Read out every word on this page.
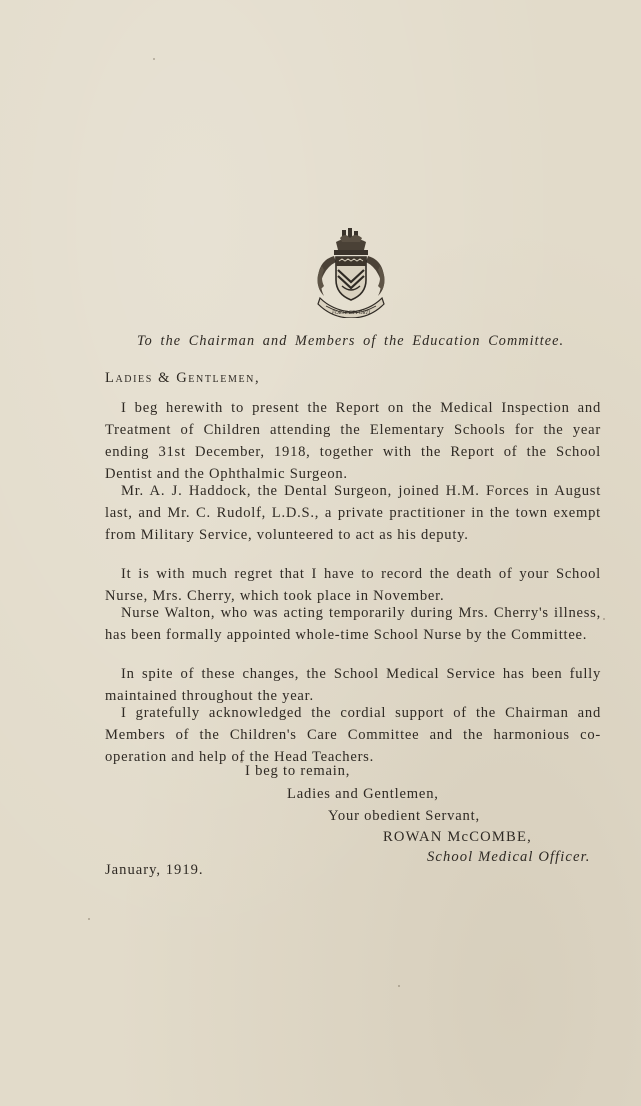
FORTE ET FORTI
To the Chairman and Members of the Education Committee.
Ladies & Gentlemen,
I beg herewith to present the Report on the Medical Inspection and Treatment of Children attending the Elementary Schools for the year ending 31st December, 1918, together with the Report of the School Dentist and the Ophthalmic Surgeon.
Mr. A. J. Haddock, the Dental Surgeon, joined H.M. Forces in August last, and Mr. C. Rudolf, L.D.S., a private practitioner in the town exempt from Military Service, volunteered to act as his deputy.
It is with much regret that I have to record the death of your School Nurse, Mrs. Cherry, which took place in November.
Nurse Walton, who was acting temporarily during Mrs. Cherry's illness, has been formally appointed whole-time School Nurse by the Committee.
In spite of these changes, the School Medical Service has been fully maintained throughout the year.
I gratefully acknowledged the cordial support of the Chairman and Members of the Children's Care Committee and the harmonious co-operation and help of the Head Teachers.
I beg to remain,
Ladies and Gentlemen,
Your obedient Servant,
ROWAN McCOMBE,
School Medical Officer.
January, 1919.
